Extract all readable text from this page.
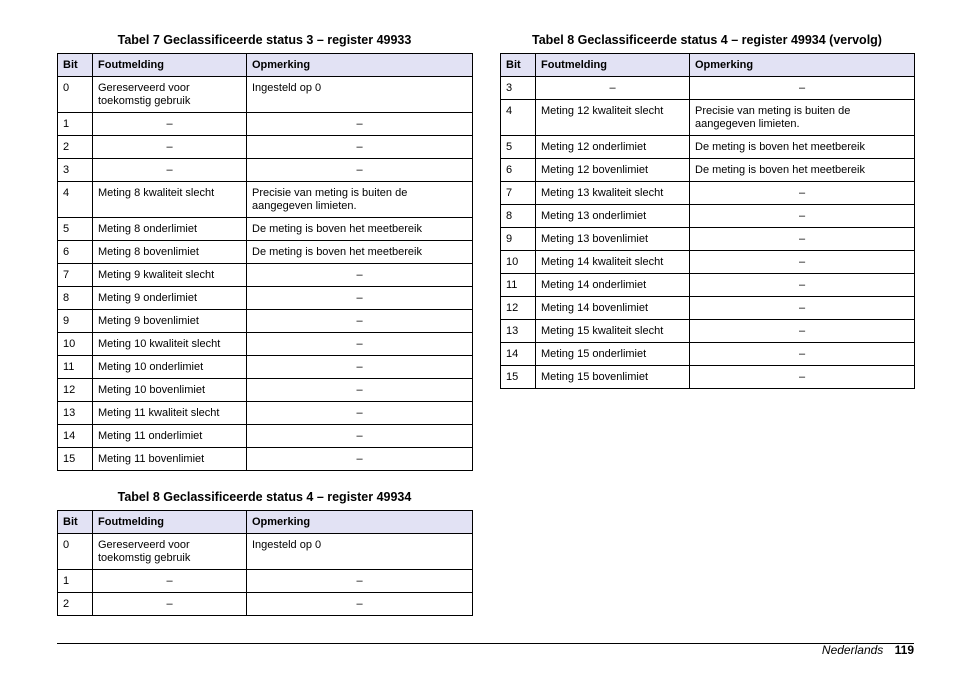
Tabel 7 Geclassificeerde status 3 – register 49933
Bit	Foutmelding	Opmerking
0	Gereserveerd voor toekomstig gebruik	Ingesteld op 0
1	–	–
2	–	–
3	–	–
4	Meting 8 kwaliteit slecht	Precisie van meting is buiten de aangegeven limieten.
5	Meting 8 onderlimiet	De meting is boven het meetbereik
6	Meting 8 bovenlimiet	De meting is boven het meetbereik
7	Meting 9 kwaliteit slecht	–
8	Meting 9 onderlimiet	–
9	Meting 9 bovenlimiet	–
10	Meting 10 kwaliteit slecht	–
11	Meting 10 onderlimiet	–
12	Meting 10 bovenlimiet	–
13	Meting 11 kwaliteit slecht	–
14	Meting 11 onderlimiet	–
15	Meting 11 bovenlimiet	–
Tabel 8 Geclassificeerde status 4 – register 49934
Bit	Foutmelding	Opmerking
0	Gereserveerd voor toekomstig gebruik	Ingesteld op 0
1	–	–
2	–	–
Tabel 8 Geclassificeerde status 4 – register 49934 (vervolg)
Bit	Foutmelding	Opmerking
3	–	–
4	Meting 12 kwaliteit slecht	Precisie van meting is buiten de aangegeven limieten.
5	Meting 12 onderlimiet	De meting is boven het meetbereik
6	Meting 12 bovenlimiet	De meting is boven het meetbereik
7	Meting 13 kwaliteit slecht	–
8	Meting 13 onderlimiet	–
9	Meting 13 bovenlimiet	–
10	Meting 14 kwaliteit slecht	–
11	Meting 14 onderlimiet	–
12	Meting 14 bovenlimiet	–
13	Meting 15 kwaliteit slecht	–
14	Meting 15 onderlimiet	–
15	Meting 15 bovenlimiet	–
Nederlands 119
